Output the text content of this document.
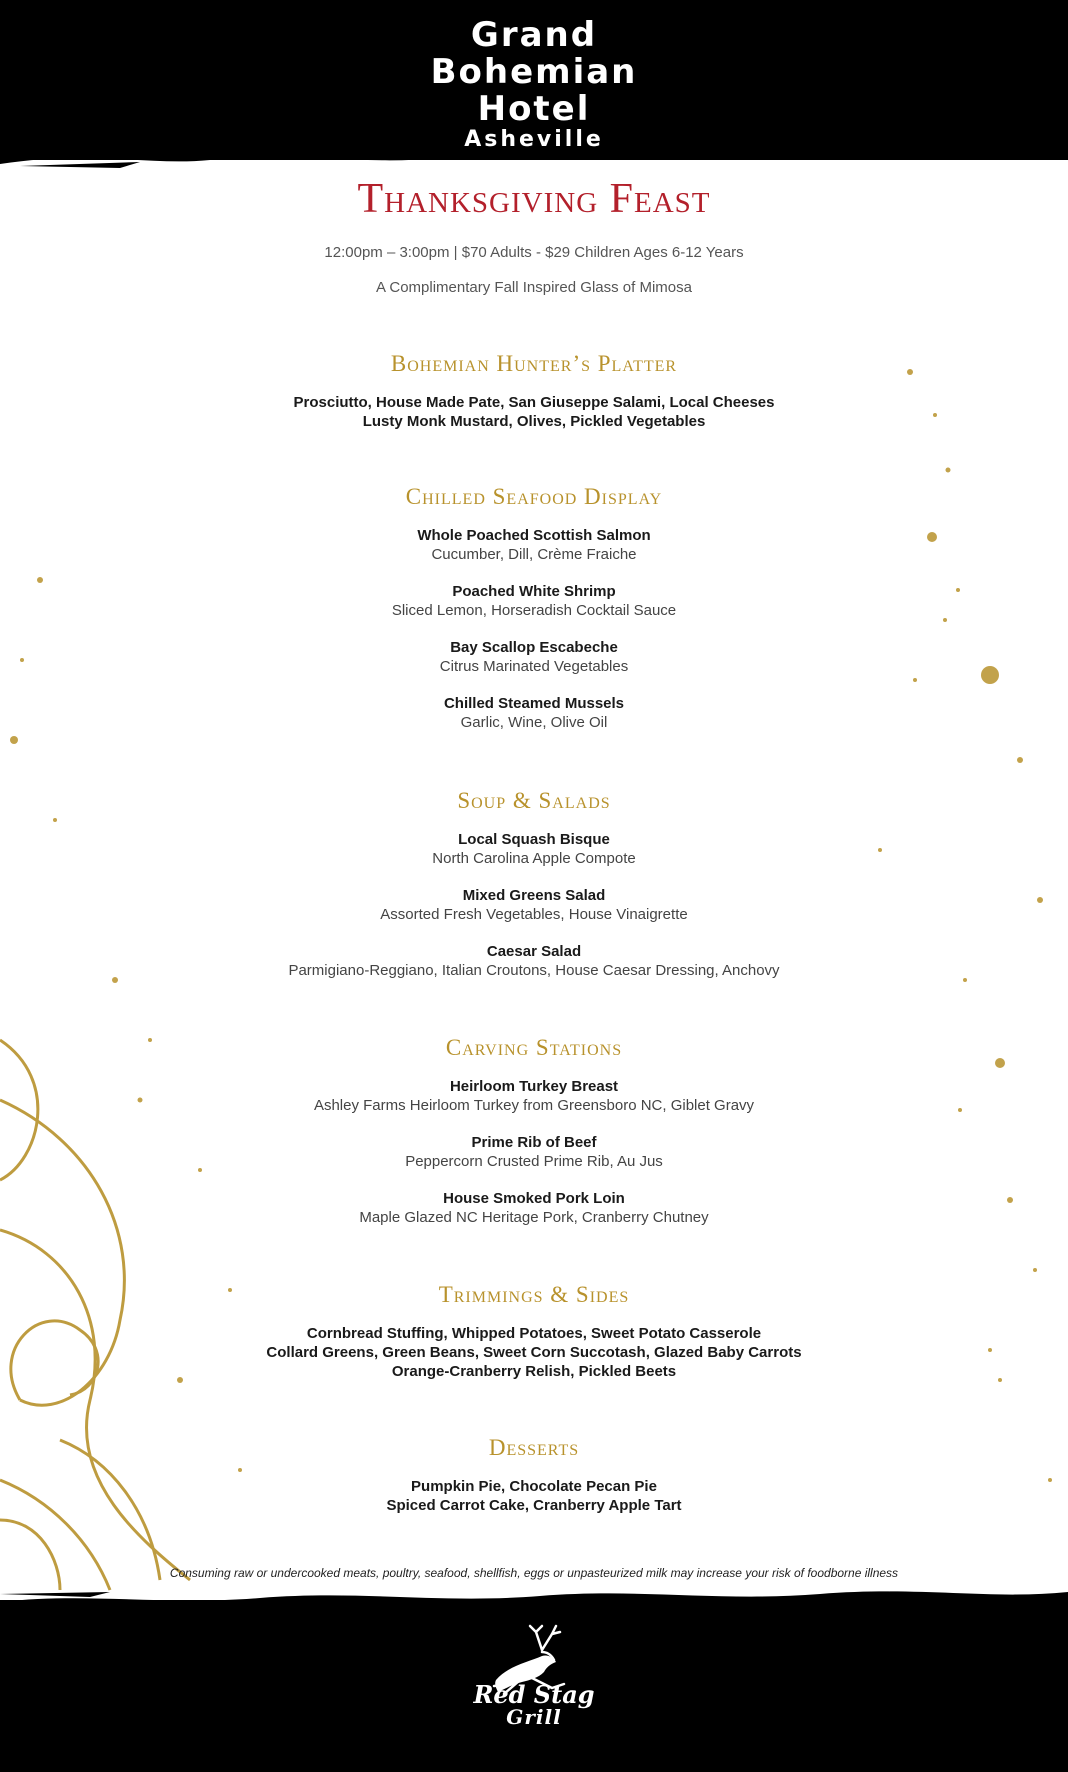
Grand
Bohemian
Hotel
Asheville
Thanksgiving Feast
12:00pm – 3:00pm | $70 Adults - $29 Children Ages 6-12 Years
A Complimentary Fall Inspired Glass of Mimosa
Bohemian Hunter’s Platter
Prosciutto, House Made Pate, San Giuseppe Salami, Local Cheeses
Lusty Monk Mustard, Olives, Pickled Vegetables
Chilled Seafood Display
Whole Poached Scottish Salmon
Cucumber, Dill, Crème Fraiche
Poached White Shrimp
Sliced Lemon, Horseradish Cocktail Sauce
Bay Scallop Escabeche
Citrus Marinated Vegetables
Chilled Steamed Mussels
Garlic, Wine, Olive Oil
Soup & Salads
Local Squash Bisque
North Carolina Apple Compote
Mixed Greens Salad
Assorted Fresh Vegetables, House Vinaigrette
Caesar Salad
Parmigiano-Reggiano, Italian Croutons, House Caesar Dressing, Anchovy
Carving Stations
Heirloom Turkey Breast
Ashley Farms Heirloom Turkey from Greensboro NC, Giblet Gravy
Prime Rib of Beef
Peppercorn Crusted Prime Rib, Au Jus
House Smoked Pork Loin
Maple Glazed NC Heritage Pork, Cranberry Chutney
Trimmings & Sides
Cornbread Stuffing, Whipped Potatoes, Sweet Potato Casserole
Collard Greens, Green Beans, Sweet Corn Succotash, Glazed Baby Carrots
Orange-Cranberry Relish, Pickled Beets
Desserts
Pumpkin Pie, Chocolate Pecan Pie
Spiced Carrot Cake, Cranberry Apple Tart
Consuming raw or undercooked meats, poultry, seafood, shellfish, eggs or unpasteurized milk may increase your risk of foodborne illness
Red Stag
Grill
